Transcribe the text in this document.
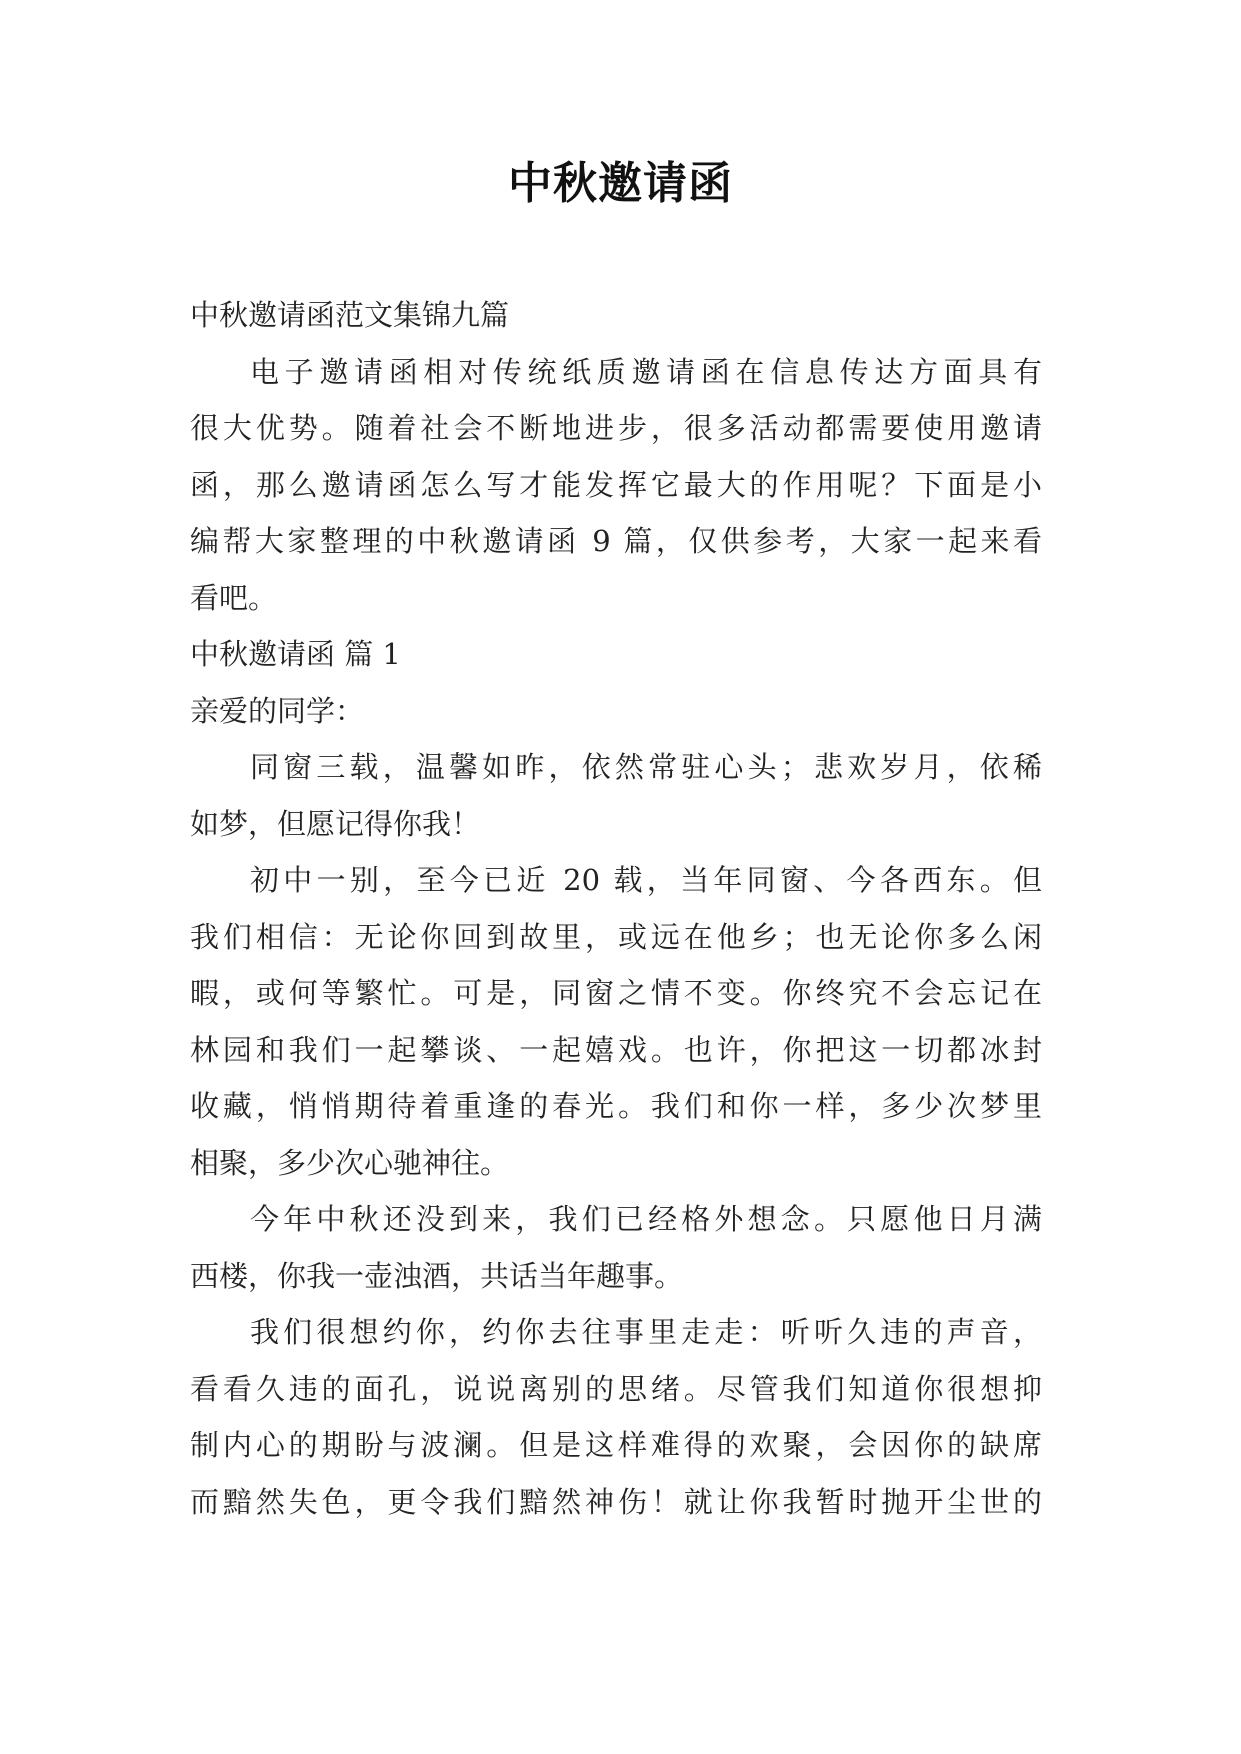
中秋邀请函
中秋邀请函范文集锦九篇
电子邀请函相对传统纸质邀请函在信息传达方面具有
很大优势。随着社会不断地进步，很多活动都需要使用邀请
函，那么邀请函怎么写才能发挥它最大的作用呢？下面是小
编帮大家整理的中秋邀请函 9 篇，仅供参考，大家一起来看
看吧。
中秋邀请函 篇 1
亲爱的同学：
同窗三载，温馨如昨，依然常驻心头；悲欢岁月，依稀
如梦，但愿记得你我！
初中一别，至今已近 20 载，当年同窗、今各西东。但
我们相信：无论你回到故里，或远在他乡；也无论你多么闲
暇，或何等繁忙。可是，同窗之情不变。你终究不会忘记在
林园和我们一起攀谈、一起嬉戏。也许，你把这一切都冰封
收藏，悄悄期待着重逢的春光。我们和你一样，多少次梦里
相聚，多少次心驰神往。
今年中秋还没到来，我们已经格外想念。只愿他日月满
西楼，你我一壶浊酒，共话当年趣事。
我们很想约你，约你去往事里走走：听听久违的声音，
看看久违的面孔，说说离别的思绪。尽管我们知道你很想抑
制内心的期盼与波澜。但是这样难得的欢聚，会因你的缺席
而黯然失色，更令我们黯然神伤！就让你我暂时抛开尘世的
